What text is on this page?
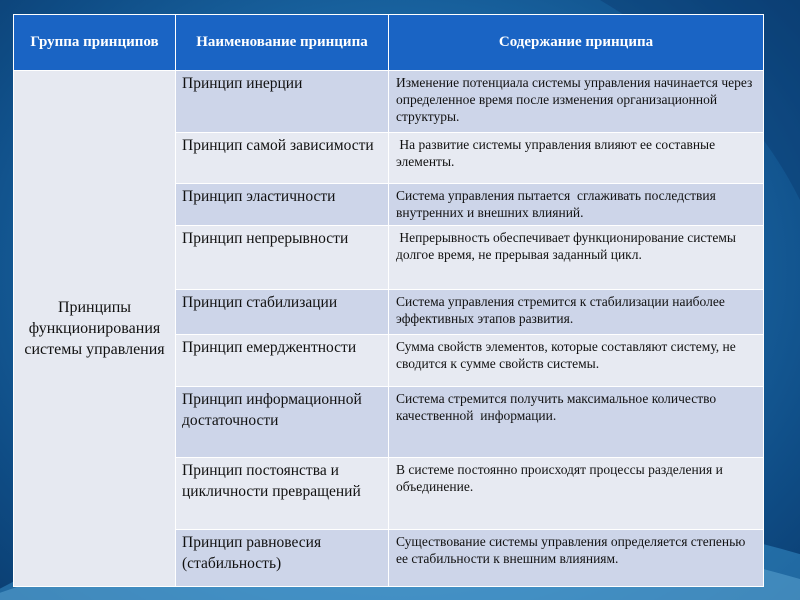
Группа принципов	Наименование принципа	Содержание принципа
Принципы функционирования системы управления	Принцип инерции	Изменение потенциала системы управления начинается через определенное время после изменения организационной структуры.
	Принцип самой зависимости	На развитие системы управления влияют ее составные элементы.
	Принцип эластичности	Система управления пытается  сглаживать последствия внутренних и внешних влияний.
	Принцип непрерывности	Непрерывность обеспечивает функционирование системы долгое время, не прерывая заданный цикл.
	Принцип стабилизации	Система управления стремится к стабилизации наиболее эффективных этапов развития.
	Принцип емерджентности	Сумма свойств элементов, которые составляют систему, не сводится к сумме свойств системы.
	Принцип информационной достаточности	Система стремится получить максимальное количество качественной  информации.
	Принцип постоянства и цикличности превращений	В системе постоянно происходят процессы разделения и объединение.
	Принцип равновесия (стабильность)	Существование системы управления определяется степенью ее стабильности к внешним влияниям.
